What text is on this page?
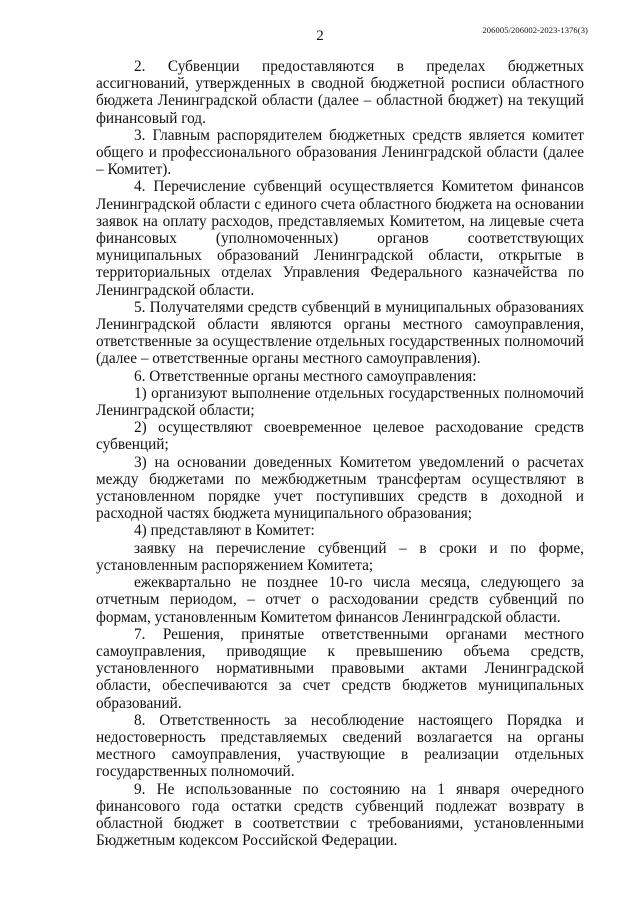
2	206005/206002-2023-1376(3)

2. Субвенции предоставляются в пределах бюджетных ассигнований, утвержденных в сводной бюджетной росписи областного бюджета Ленинградской области (далее – областной бюджет) на текущий финансовый год.

3. Главным распорядителем бюджетных средств является комитет общего и профессионального образования Ленинградской области (далее – Комитет).

4. Перечисление субвенций осуществляется Комитетом финансов Ленинградской области с единого счета областного бюджета на основании заявок на оплату расходов, представляемых Комитетом, на лицевые счета финансовых (уполномоченных) органов соответствующих муниципальных образований Ленинградской области, открытые в территориальных отделах Управления Федерального казначейства по Ленинградской области.

5. Получателями средств субвенций в муниципальных образованиях Ленинградской области являются органы местного самоуправления, ответственные за осуществление отдельных государственных полномочий (далее – ответственные органы местного самоуправления).

6. Ответственные органы местного самоуправления:

1) организуют выполнение отдельных государственных полномочий Ленинградской области;

2) осуществляют своевременное целевое расходование средств субвенций;

3) на основании доведенных Комитетом уведомлений о расчетах между бюджетами по межбюджетным трансфертам осуществляют в установленном порядке учет поступивших средств в доходной и расходной частях бюджета муниципального образования;

4) представляют в Комитет:

заявку на перечисление субвенций – в сроки и по форме, установленным распоряжением Комитета;

ежеквартально не позднее 10-го числа месяца, следующего за отчетным периодом, – отчет о расходовании средств субвенций по формам, установленным Комитетом финансов Ленинградской области.

7. Решения, принятые ответственными органами местного самоуправления, приводящие к превышению объема средств, установленного нормативными правовыми актами Ленинградской области, обеспечиваются за счет средств бюджетов муниципальных образований.

8. Ответственность за несоблюдение настоящего Порядка и недостоверность представляемых сведений возлагается на органы местного самоуправления, участвующие в реализации отдельных государственных полномочий.

9. Не использованные по состоянию на 1 января очередного финансового года остатки средств субвенций подлежат возврату в областной бюджет в соответствии с требованиями, установленными Бюджетным кодексом Российской Федерации.
